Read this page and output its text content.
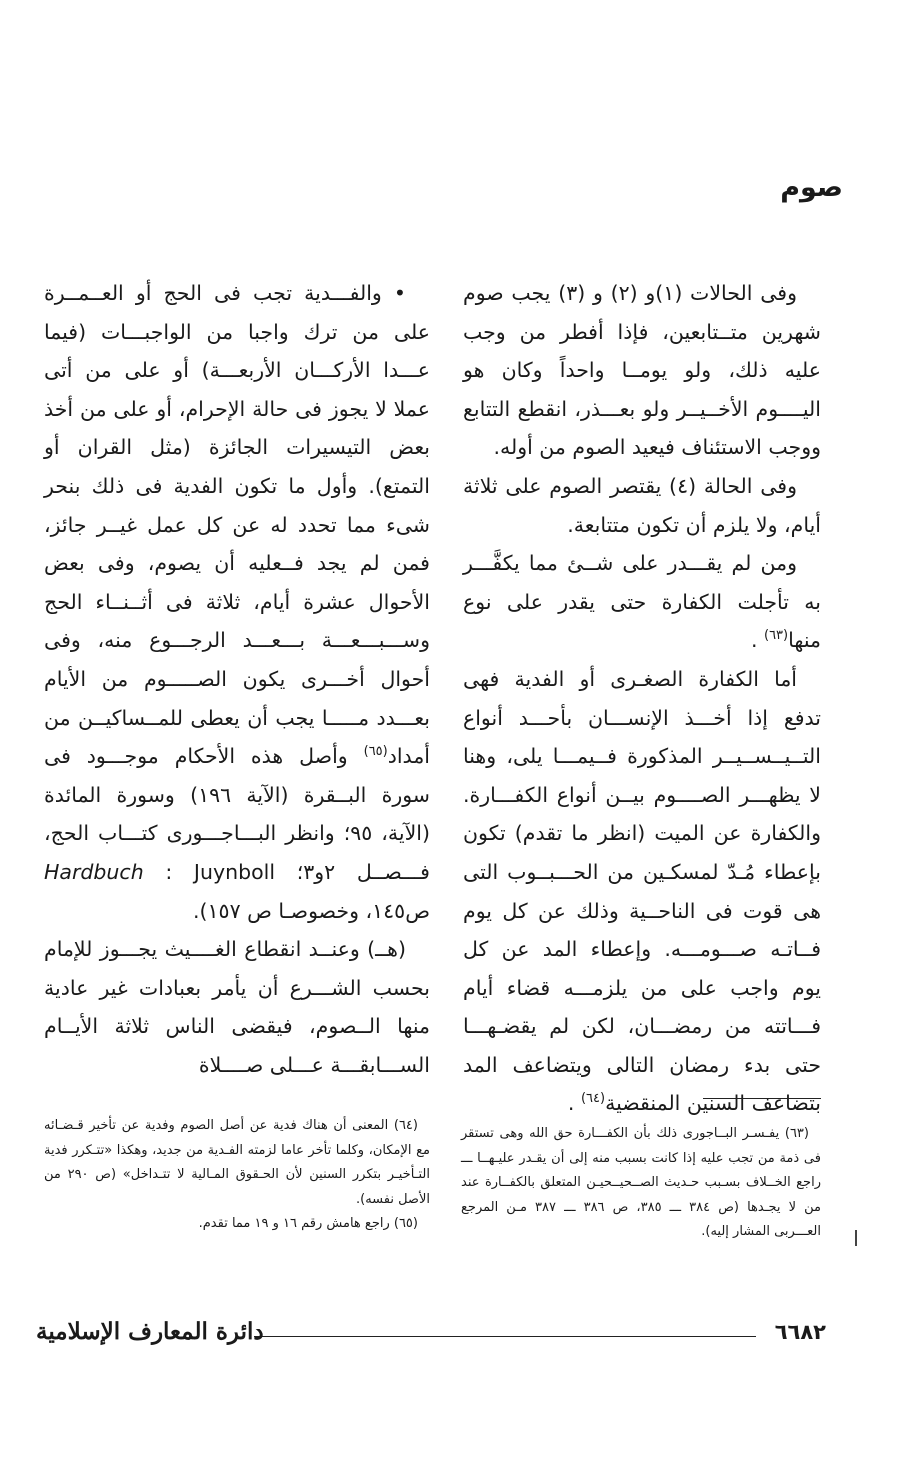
صوم

وفى الحالات (١)و (٢) و (٣) يجب صوم شهرين متــتابعين، فإذا أفطر من وجب عليه ذلك، ولو يومــا واحداً وكان هو اليــــوم الأخــيــر ولو بعـــذر، انقطع التتابع ووجب الاستئناف فيعيد الصوم من أوله.

وفى الحالة (٤) يقتصر الصوم على ثلاثة أيام، ولا يلزم أن تكون متتابعة.

ومن لم يقـــدر على شــئ مما يكفَّـــر به تأجلت الكفارة حتى يقدر على نوع منها$^{(٦٣)}$ .

أما الكفارة الصغـرى أو الفدية فهى تدفع إذا أخـــذ الإنســـان بأحـــد أنواع التــيــســيــر المذكورة فــيمـــا يلى، وهنا لا يظهـــر الصــــوم بيــن أنواع الكفـــارة. والكفارة عن الميت (انظر ما تقدم) تكون بإعطاء مُـدّ لمسكـين من الحـــبــوب التى هى قوت فى الناحــية وذلك عن كل يوم فــاتـه صـــومـــه. وإعطاء المد عن كل يوم واجب على من يلزمـــه قضاء أيام فـــاتته من رمضـــان، لكن لم يقضـهـــا حتى بدء رمضان التالى ويتضاعف المد بتضاعف السنين المنقضية$^{(٦٤)}$ .

• والفـــدية تجب فى الحج أو العــمــرة على من ترك واجبا من الواجبـــات (فيما عـــدا الأركـــان الأربعـــة) أو على من أتى عملا لا يجوز فى حالة الإحرام، أو على من أخذ بعض التيسيرات الجائزة (مثل القران أو التمتع). وأول ما تكون الفدية فى ذلك بنحر شىء مما تحدد له عن كل عمل غيــر جائز، فمن لم يجد فــعليه أن يصوم، وفى بعض الأحوال عشرة أيام، ثلاثة فى أثــنــاء الحج وســـبـــعـــة بـــعـــد الرجـــوع منه، وفى أحوال أخـــرى يكون الصـــــوم من الأيام بعـــدد مـــــا يجب أن يعطى للمــساكيــن من أمداد$^{(٦٥)}$ وأصل هذه الأحكام موجـــود فى سورة البــقرة (الآية ١٩٦) وسورة المائدة (الآية، ٩٥؛ وانظر البـــاجـــورى كتـــاب الحج، فـــصــل ٢و٣؛ Hardbuch : Juynboll ص١٤٥، وخصوصـا ص ١٥٧).

(هــ) وعنــد انقطاع الغــــيث يجـــوز للإمام بحسب الشـــرع أن يأمر بعبادات غير عادية منها الــصوم، فيقضى الناس ثلاثة الأيــام الســـابقـــة عـــلى صــــلاة

(٦٣) يفـسـر البــاجورى ذلك بأن الكفـــارة حق الله وهى تستقر فى ذمة من تجب عليه إذا كانت بسبب منه إلى أن يقـدر عليـهــا ـــ راجع الخــلاف بسـبب حـديث الصــحيــحيـن المتعلق بالكفــارة عند من لا يجـدها (ص ٣٨٤ ـــ ٣٨٥، ص ٣٨٦ ـــ ٣٨٧ مـن المرجع العـــربى المشار إليه).

(٦٤) المعنى أن هناك فدية عن أصل الصوم وفدية عن تأخير قـضـائه مع الإمكان، وكلما تأخر عاما لزمته الفـدية من جديد، وهكذا «تتـكرر فدية التـأخيـر بتكرر السنين لأن الحـقوق المـالية لا تتـداخل» (ص ٢٩٠ من الأصل نفسه).

(٦٥) راجع هامش رقم ١٦ و ١٩ مما تقدم.

٦٦٨٢
دائرة المعارف الإسلامية
